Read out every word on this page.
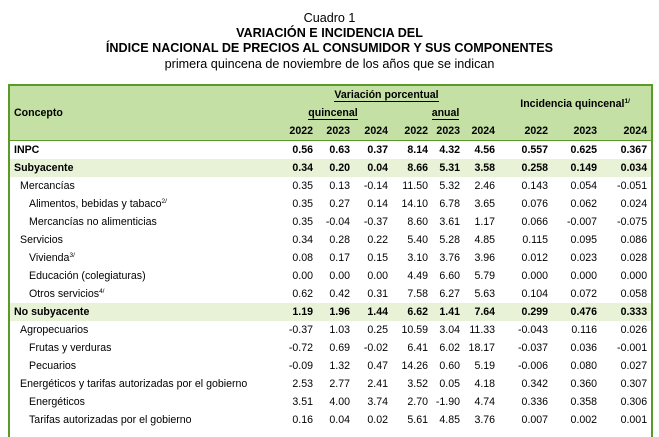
Cuadro 1
VARIACIÓN E INCIDENCIA DEL
ÍNDICE NACIONAL DE PRECIOS AL CONSUMIDOR Y SUS COMPONENTES
primera quincena de noviembre de los años que se indican
Concepto	Variación porcentual						Incidencia quincenal$^{1/}$
	quincenal			anual					
	2022	2023	2024	2022	2023	2024	2022	2023	2024
INPC	0.56	0.63	0.37	8.14	4.32	4.56	0.557	0.625	0.367
Subyacente	0.34	0.20	0.04	8.66	5.31	3.58	0.258	0.149	0.034
Mercancías	0.35	0.13	-0.14	11.50	5.32	2.46	0.143	0.054	-0.051
Alimentos, bebidas y tabaco$^{2/}$	0.35	0.27	0.14	14.10	6.78	3.65	0.076	0.062	0.024
Mercancías no alimenticias	0.35	-0.04	-0.37	8.60	3.61	1.17	0.066	-0.007	-0.075
Servicios	0.34	0.28	0.22	5.40	5.28	4.85	0.115	0.095	0.086
Vivienda$^{3/}$	0.08	0.17	0.15	3.10	3.76	3.96	0.012	0.023	0.028
Educación (colegiaturas)	0.00	0.00	0.00	4.49	6.60	5.79	0.000	0.000	0.000
Otros servicios$^{4/}$	0.62	0.42	0.31	7.58	6.27	5.63	0.104	0.072	0.058
No subyacente	1.19	1.96	1.44	6.62	1.41	7.64	0.299	0.476	0.333
Agropecuarios	-0.37	1.03	0.25	10.59	3.04	11.33	-0.043	0.116	0.026
Frutas y verduras	-0.72	0.69	-0.02	6.41	6.02	18.17	-0.037	0.036	-0.001
Pecuarios	-0.09	1.32	0.47	14.26	0.60	5.19	-0.006	0.080	0.027
Energéticos y tarifas autorizadas por el gobierno	2.53	2.77	2.41	3.52	0.05	4.18	0.342	0.360	0.307
Energéticos	3.51	4.00	3.74	2.70	-1.90	4.74	0.336	0.358	0.306
Tarifas autorizadas por el gobierno	0.16	0.04	0.02	5.61	4.85	3.76	0.007	0.002	0.001
